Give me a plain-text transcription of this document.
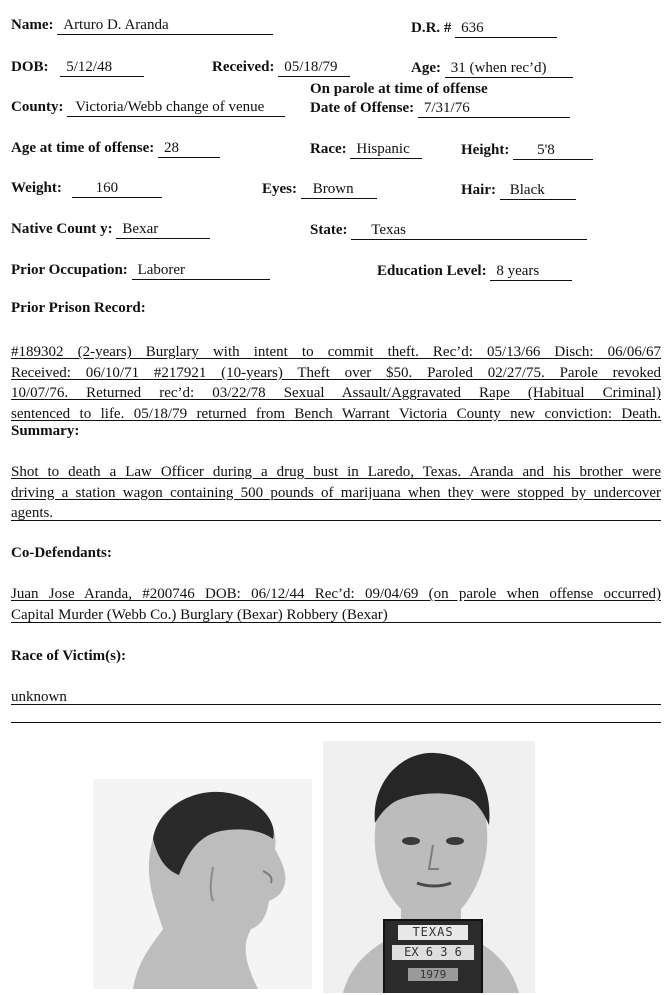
Name: Arturo D. Aranda	D.R. # 636
DOB: 5/12/48	Received: 05/18/79	Age: 31 (when rec’d)
On parole at time of offense
County: Victoria/Webb change of venue	Date of Offense: 7/31/76
Age at time of offense: 28	Race: Hispanic	Height: 5'8
Weight: 160	Eyes: Brown	Hair: Black
Native Count y: Bexar	State: Texas
Prior Occupation: Laborer	Education Level: 8 years
Prior Prison Record:
#189302 (2-years) Burglary with intent to commit theft. Rec’d: 05/13/66 Disch: 06/06/67
Received: 06/10/71 #217921 (10-years) Theft over $50. Paroled 02/27/75. Parole revoked
10/07/76. Returned rec’d: 03/22/78 Sexual Assault/Aggravated Rape (Habitual Criminal)
sentenced to life. 05/18/79 returned from Bench Warrant Victoria County new conviction: Death.
Summary:
Shot to death a Law Officer during a drug bust in Laredo, Texas. Aranda and his brother were
driving a station wagon containing 500 pounds of marijuana when they were stopped by undercover
agents.
Co-Defendants:
Juan Jose Aranda, #200746 DOB: 06/12/44 Rec’d: 09/04/69 (on parole when offense occurred)
Capital Murder (Webb Co.) Burglary (Bexar) Robbery (Bexar)
Race of Victim(s):
unknown
TEXAS
EX 6 3 6
1979
